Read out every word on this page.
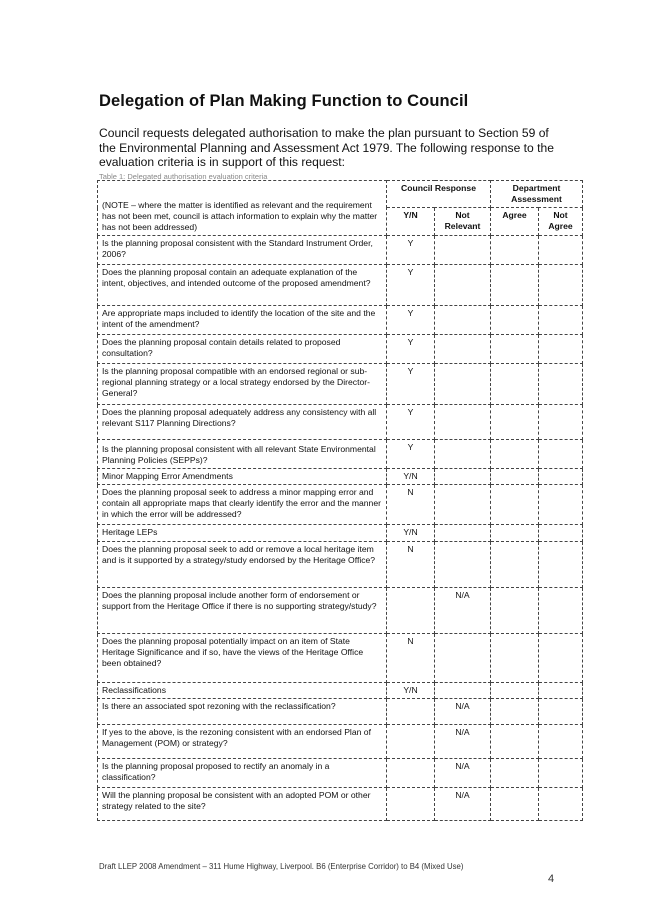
Delegation of Plan Making Function to Council

Council requests delegated authorisation to make the plan pursuant to Section 59 of the Environmental Planning and Assessment Act 1979. The following response to the evaluation criteria is in support of this request:

Table 1: Delegated authorisation evaluation criteria

(NOTE – where the matter is identified as relevant and the requirement has not been met, council is attach information to explain why the matter has not been addressed)	Council Response		Department Assessment	
	Y/N	Not Relevant	Agree	Not Agree
Is the planning proposal consistent with the Standard Instrument Order, 2006?	Y			
Does the planning proposal contain an adequate explanation of the intent, objectives, and intended outcome of the proposed amendment?	Y			
Are appropriate maps included to identify the location of the site and the intent of the amendment?	Y			
Does the planning proposal contain details related to proposed consultation?	Y			
Is the planning proposal compatible with an endorsed regional or sub-regional planning strategy or a local strategy endorsed by the Director-General?	Y			
Does the planning proposal adequately address any consistency with all relevant S117 Planning Directions?	Y			
Is the planning proposal consistent with all relevant State Environmental Planning Policies (SEPPs)?	Y			
Minor Mapping Error Amendments	Y/N			
Does the planning proposal seek to address a minor mapping error and contain all appropriate maps that clearly identify the error and the manner in which the error will be addressed?	N			
Heritage LEPs	Y/N			
Does the planning proposal seek to add or remove a local heritage item and is it supported by a strategy/study endorsed by the Heritage Office?	N			
Does the planning proposal include another form of endorsement or support from the Heritage Office if there is no supporting strategy/study?		N/A		
Does the planning proposal potentially impact on an item of State Heritage Significance and if so, have the views of the Heritage Office been obtained?	N			
Reclassifications	Y/N			
Is there an associated spot rezoning with the reclassification?		N/A		
If yes to the above, is the rezoning consistent with an endorsed Plan of Management (POM) or strategy?		N/A		
Is the planning proposal proposed to rectify an anomaly in a classification?		N/A		
Will the planning proposal be consistent with an adopted POM or other strategy related to the site?		N/A		

Draft LLEP 2008 Amendment – 311 Hume Highway, Liverpool. B6 (Enterprise Corridor) to B4 (Mixed Use)

4
